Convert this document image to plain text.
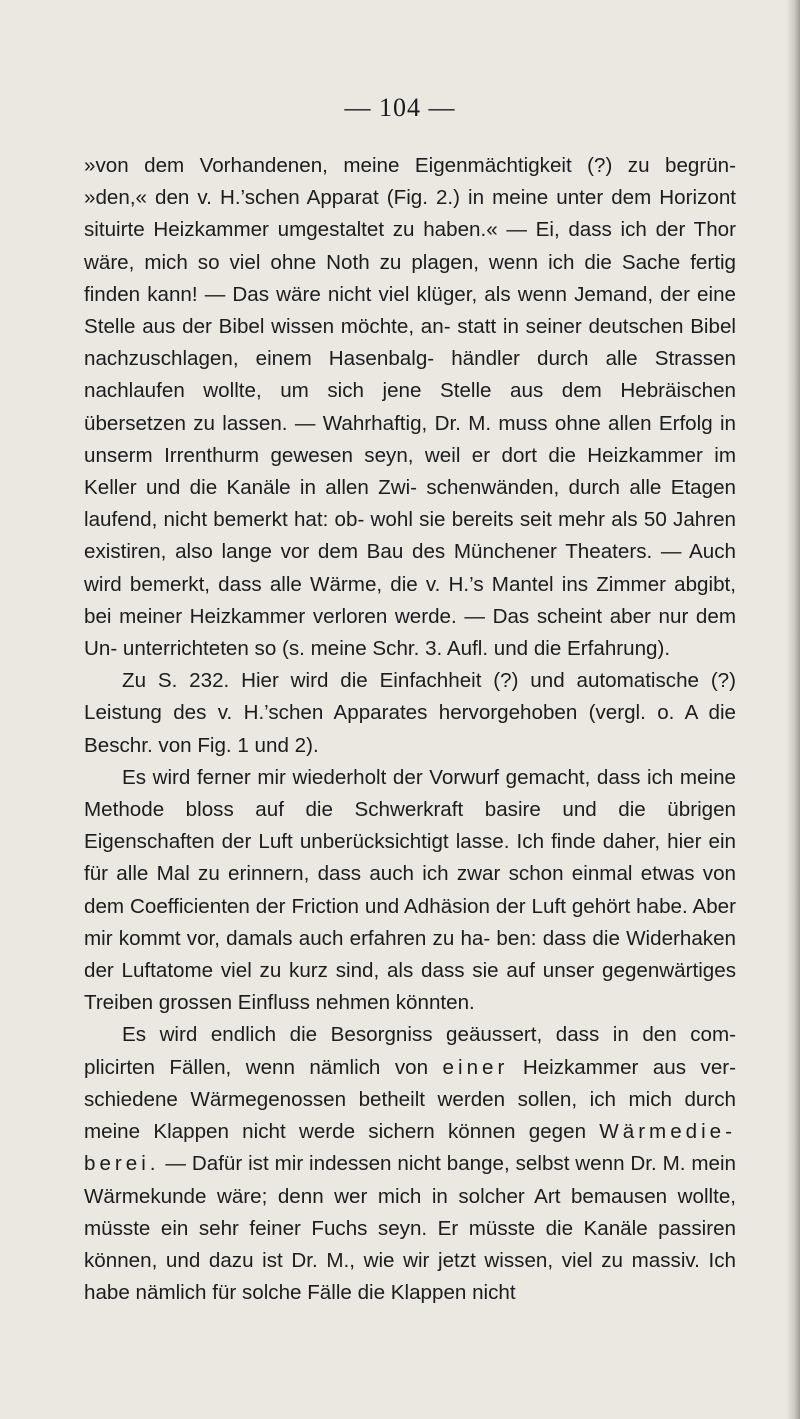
— 104 —

»von dem Vorhandenen, meine Eigenmächtigkeit (?) zu begrün- »den,« den v. H.’schen Apparat (Fig. 2.) in meine unter dem Horizont situirte Heizkammer umgestaltet zu haben.« — Ei, dass ich der Thor wäre, mich so viel ohne Noth zu plagen, wenn ich die Sache fertig finden kann! — Das wäre nicht viel klüger, als wenn Jemand, der eine Stelle aus der Bibel wissen möchte, an- statt in seiner deutschen Bibel nachzuschlagen, einem Hasenbalg- händler durch alle Strassen nachlaufen wollte, um sich jene Stelle aus dem Hebräischen übersetzen zu lassen. — Wahrhaftig, Dr. M. muss ohne allen Erfolg in unserm Irrenthurm gewesen seyn, weil er dort die Heizkammer im Keller und die Kanäle in allen Zwi- schenwänden, durch alle Etagen laufend, nicht bemerkt hat: ob- wohl sie bereits seit mehr als 50 Jahren existiren, also lange vor dem Bau des Münchener Theaters. — Auch wird bemerkt, dass alle Wärme, die v. H.’s Mantel ins Zimmer abgibt, bei meiner Heizkammer verloren werde. — Das scheint aber nur dem Un- unterrichteten so (s. meine Schr. 3. Aufl. und die Erfahrung).

Zu S. 232. Hier wird die Einfachheit (?) und automatische (?) Leistung des v. H.’schen Apparates hervorgehoben (vergl. o. A die Beschr. von Fig. 1 und 2).

Es wird ferner mir wiederholt der Vorwurf gemacht, dass ich meine Methode bloss auf die Schwerkraft basire und die übrigen Eigenschaften der Luft unberücksichtigt lasse. Ich finde daher, hier ein für alle Mal zu erinnern, dass auch ich zwar schon einmal etwas von dem Coefficienten der Friction und Adhäsion der Luft gehört habe. Aber mir kommt vor, damals auch erfahren zu ha- ben: dass die Widerhaken der Luftatome viel zu kurz sind, als dass sie auf unser gegenwärtiges Treiben grossen Einfluss nehmen könnten.

Es wird endlich die Besorgniss geäussert, dass in den com- plicirten Fällen, wenn nämlich von einer Heizkammer aus ver- schiedene Wärmegenossen betheilt werden sollen, ich mich durch meine Klappen nicht werde sichern können gegen Wärmedie- berei. — Dafür ist mir indessen nicht bange, selbst wenn Dr. M. mein Wärmekunde wäre; denn wer mich in solcher Art bemausen wollte, müsste ein sehr feiner Fuchs seyn. Er müsste die Kanäle passiren können, und dazu ist Dr. M., wie wir jetzt wissen, viel zu massiv. Ich habe nämlich für solche Fälle die Klappen nicht
